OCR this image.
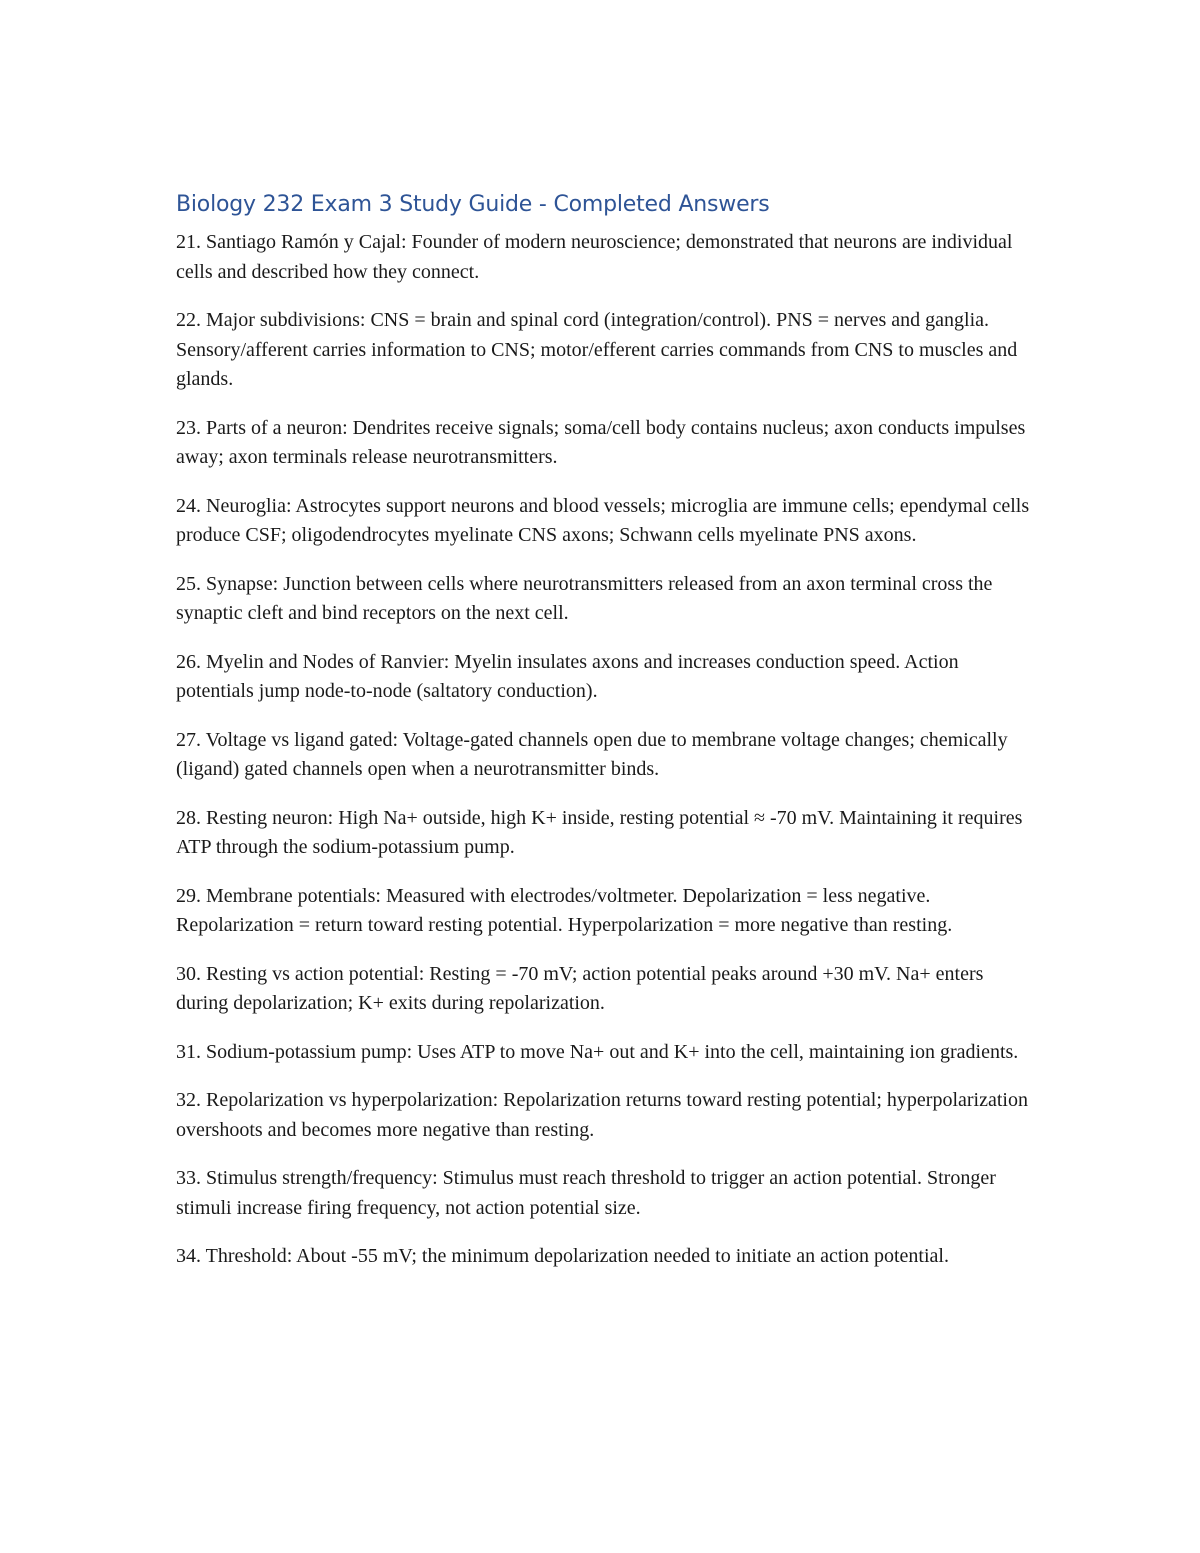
Biology 232 Exam 3 Study Guide - Completed Answers

21. Santiago Ramón y Cajal: Founder of modern neuroscience; demonstrated that neurons are individual cells and described how they connect.

22. Major subdivisions: CNS = brain and spinal cord (integration/control). PNS = nerves and ganglia. Sensory/afferent carries information to CNS; motor/efferent carries commands from CNS to muscles and glands.

23. Parts of a neuron: Dendrites receive signals; soma/cell body contains nucleus; axon conducts impulses away; axon terminals release neurotransmitters.

24. Neuroglia: Astrocytes support neurons and blood vessels; microglia are immune cells; ependymal cells produce CSF; oligodendrocytes myelinate CNS axons; Schwann cells myelinate PNS axons.

25. Synapse: Junction between cells where neurotransmitters released from an axon terminal cross the synaptic cleft and bind receptors on the next cell.

26. Myelin and Nodes of Ranvier: Myelin insulates axons and increases conduction speed. Action potentials jump node-to-node (saltatory conduction).

27. Voltage vs ligand gated: Voltage-gated channels open due to membrane voltage changes; chemically (ligand) gated channels open when a neurotransmitter binds.

28. Resting neuron: High Na+ outside, high K+ inside, resting potential ≈ -70 mV. Maintaining it requires ATP through the sodium-potassium pump.

29. Membrane potentials: Measured with electrodes/voltmeter. Depolarization = less negative. Repolarization = return toward resting potential. Hyperpolarization = more negative than resting.

30. Resting vs action potential: Resting = -70 mV; action potential peaks around +30 mV. Na+ enters during depolarization; K+ exits during repolarization.

31. Sodium-potassium pump: Uses ATP to move Na+ out and K+ into the cell, maintaining ion gradients.

32. Repolarization vs hyperpolarization: Repolarization returns toward resting potential; hyperpolarization overshoots and becomes more negative than resting.

33. Stimulus strength/frequency: Stimulus must reach threshold to trigger an action potential. Stronger stimuli increase firing frequency, not action potential size.

34. Threshold: About -55 mV; the minimum depolarization needed to initiate an action potential.
